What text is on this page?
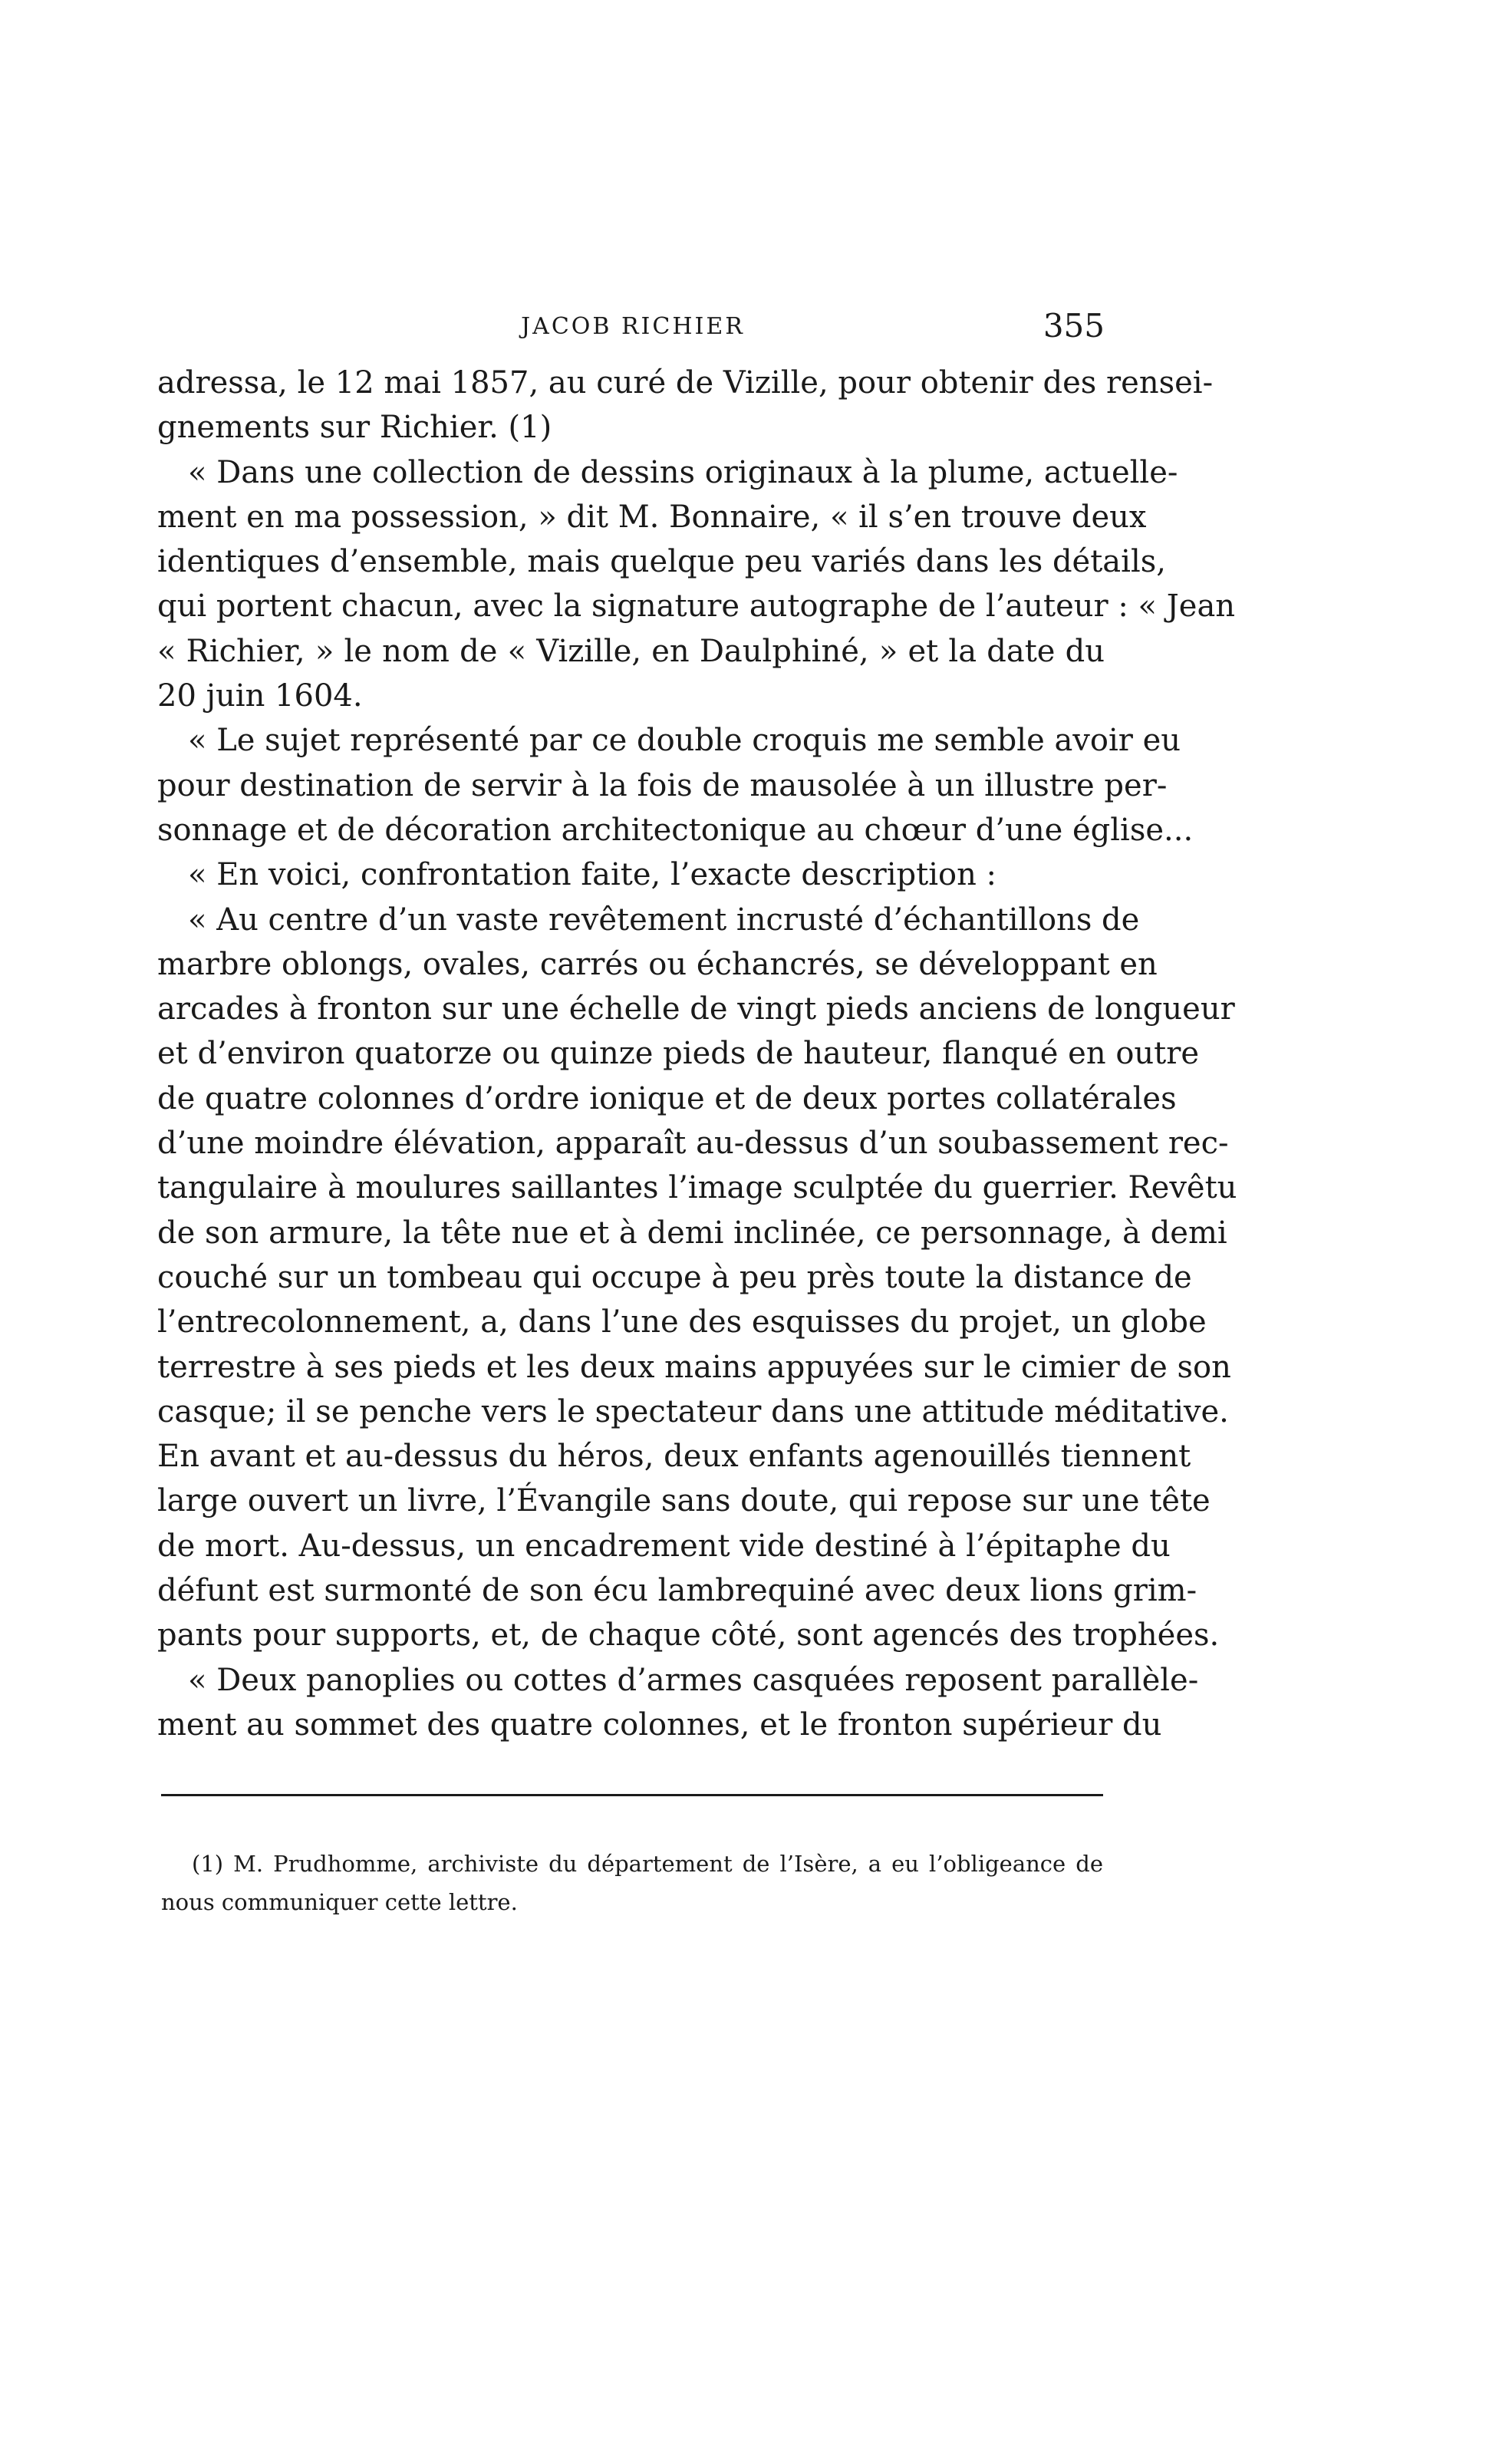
JACOB RICHIER	355
adressa, le 12 mai 1857, au curé de Vizille, pour obtenir des rensei-
gnements sur Richier. (1)
« Dans une collection de dessins originaux à la plume, actuelle-
ment en ma possession, » dit M. Bonnaire, « il s’en trouve deux
identiques d’ensemble, mais quelque peu variés dans les détails,
qui portent chacun, avec la signature autographe de l’auteur : « Jean
« Richier, » le nom de « Vizille, en Daulphiné, » et la date du
20 juin 1604.
« Le sujet représenté par ce double croquis me semble avoir eu
pour destination de servir à la fois de mausolée à un illustre per-
sonnage et de décoration architectonique au chœur d’une église...
« En voici, confrontation faite, l’exacte description :
« Au centre d’un vaste revêtement incrusté d’échantillons de
marbre oblongs, ovales, carrés ou échancrés, se développant en
arcades à fronton sur une échelle de vingt pieds anciens de longueur
et d’environ quatorze ou quinze pieds de hauteur, flanqué en outre
de quatre colonnes d’ordre ionique et de deux portes collatérales
d’une moindre élévation, apparaît au-dessus d’un soubassement rec-
tangulaire à moulures saillantes l’image sculptée du guerrier. Revêtu
de son armure, la tête nue et à demi inclinée, ce personnage, à demi
couché sur un tombeau qui occupe à peu près toute la distance de
l’entrecolonnement, a, dans l’une des esquisses du projet, un globe
terrestre à ses pieds et les deux mains appuyées sur le cimier de son
casque; il se penche vers le spectateur dans une attitude méditative.
En avant et au-dessus du héros, deux enfants agenouillés tiennent
large ouvert un livre, l’Évangile sans doute, qui repose sur une tête
de mort. Au-dessus, un encadrement vide destiné à l’épitaphe du
défunt est surmonté de son écu lambrequiné avec deux lions grim-
pants pour supports, et, de chaque côté, sont agencés des trophées.
« Deux panoplies ou cottes d’armes casquées reposent parallèle-
ment au sommet des quatre colonnes, et le fronton supérieur du
(1) M. Prudhomme, archiviste du département de l’Isère, a eu l’obligeance de
nous communiquer cette lettre.
